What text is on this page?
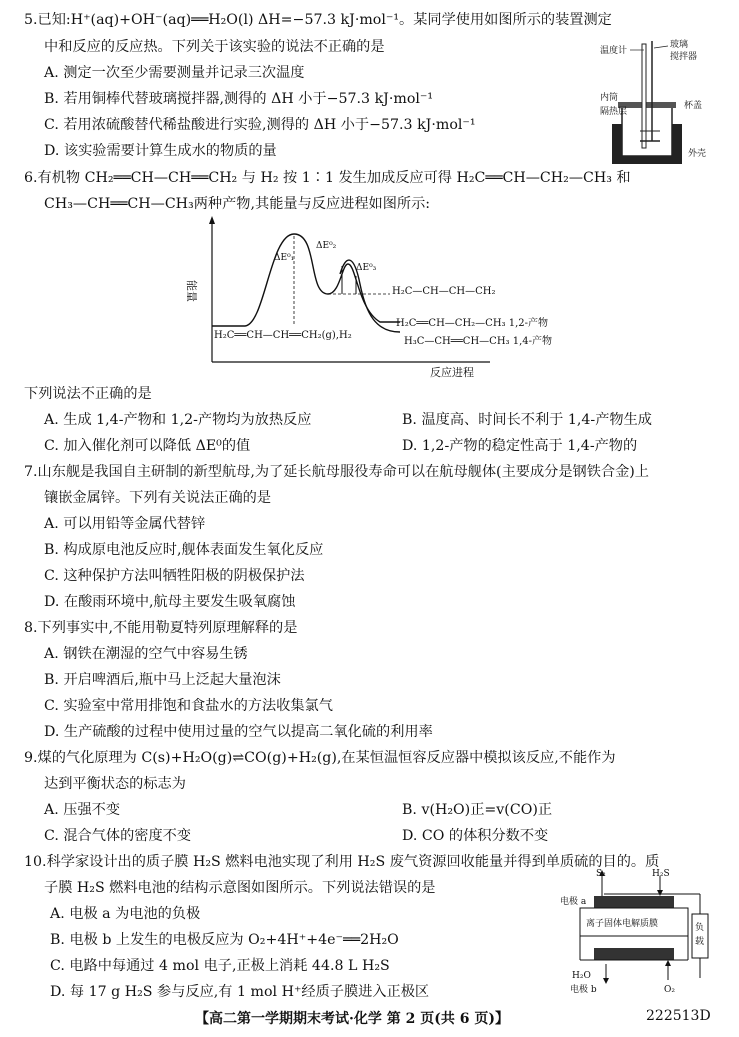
5.已知:H⁺(aq)+OH⁻(aq)══H₂O(l) ΔH=−57.3 kJ·mol⁻¹。某同学使用如图所示的装置测定
中和反应的反应热。下列关于该实验的说法不正确的是
A. 测定一次至少需要测量并记录三次温度
B. 若用铜棒代替玻璃搅拌器,测得的 ΔH 小于−57.3 kJ·mol⁻¹
C. 若用浓硫酸替代稀盐酸进行实验,测得的 ΔH 小于−57.3 kJ·mol⁻¹
D. 该实验需要计算生成水的物质的量
温度计
玻璃
搅拌器
内筒
隔热层
杯盖
外壳
6.有机物 CH₂══CH—CH══CH₂ 与 H₂ 按 1∶1 发生加成反应可得 H₂C══CH—CH₂—CH₃ 和
CH₃—CH══CH—CH₃两种产物,其能量与反应进程如图所示:
能量
反应进程
ΔE⁰₁
ΔE⁰₂
ΔE⁰₃
H₂C—CH—CH—CH₂
H₂C══CH—CH══CH₂(g),H₂
H₂C══CH—CH₂—CH₃ 1,2-产物
H₃C—CH══CH—CH₃ 1,4-产物
下列说法不正确的是
A. 生成 1,4-产物和 1,2-产物均为放热反应	B. 温度高、时间长不利于 1,4-产物生成
C. 加入催化剂可以降低 ΔE⁰的值	D. 1,2-产物的稳定性高于 1,4-产物的
7.山东舰是我国自主研制的新型航母,为了延长航母服役寿命可以在航母舰体(主要成分是钢铁合金)上
镶嵌金属锌。下列有关说法正确的是
A. 可以用铅等金属代替锌
B. 构成原电池反应时,舰体表面发生氧化反应
C. 这种保护方法叫牺牲阳极的阴极保护法
D. 在酸雨环境中,航母主要发生吸氧腐蚀
8.下列事实中,不能用勒夏特列原理解释的是
A. 钢铁在潮湿的空气中容易生锈
B. 开启啤酒后,瓶中马上泛起大量泡沫
C. 实验室中常用排饱和食盐水的方法收集氯气
D. 生产硫酸的过程中使用过量的空气以提高二氧化硫的利用率
9.煤的气化原理为 C(s)+H₂O(g)⇌CO(g)+H₂(g),在某恒温恒容反应器中模拟该反应,不能作为
达到平衡状态的标志为
A. 压强不变	B. v(H₂O)正=v(CO)正
C. 混合气体的密度不变	D. CO 的体积分数不变
10.科学家设计出的质子膜 H₂S 燃料电池实现了利用 H₂S 废气资源回收能量并得到单质硫的目的。质
子膜 H₂S 燃料电池的结构示意图如图所示。下列说法错误的是
A. 电极 a 为电池的负极
B. 电极 b 上发生的电极反应为 O₂+4H⁺+4e⁻══2H₂O
C. 电路中每通过 4 mol 电子,正极上消耗 44.8 L H₂S
D. 每 17 g H₂S 参与反应,有 1 mol H⁺经质子膜进入正极区
负
载
离子固体电解质膜
S₂	H₂S
电极 a
H₂O
O₂
电极 b
【高二第一学期期末考试·化学 第 2 页(共 6 页)】	222513D
